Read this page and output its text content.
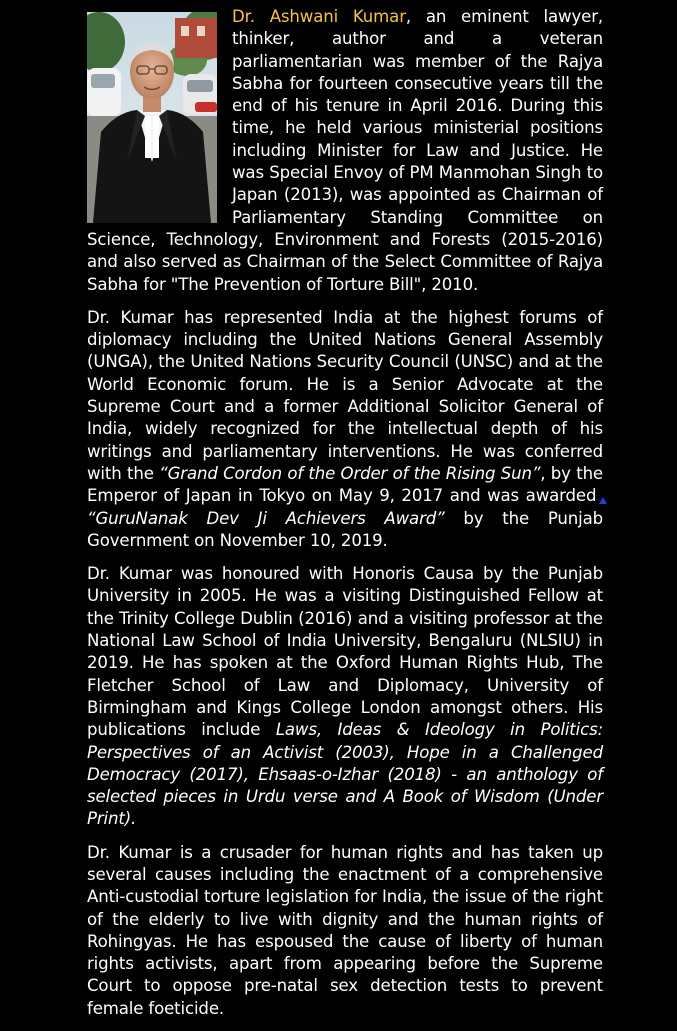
Dr. Ashwani Kumar, an eminent lawyer, thinker, author and a veteran parliamentarian was member of the Rajya Sabha for fourteen consecutive years till the end of his tenure in April 2016. During this time, he held various ministerial positions including Minister for Law and Justice. He was Special Envoy of PM Manmohan Singh to Japan (2013), was appointed as Chairman of Parliamentary Standing Committee on Science, Technology, Environment and Forests (2015-2016) and also served as Chairman of the Select Committee of Rajya Sabha for "The Prevention of Torture Bill", 2010.

Dr. Kumar has represented India at the highest forums of diplomacy including the United Nations General Assembly (UNGA), the United Nations Security Council (UNSC) and at the World Economic forum. He is a Senior Advocate at the Supreme Court and a former Additional Solicitor General of India, widely recognized for the intellectual depth of his writings and parliamentary interventions. He was conferred with the “Grand Cordon of the Order of the Rising Sun”, by the Emperor of Japan in Tokyo on May 9, 2017 and was awarded “GuruNanak Dev Ji Achievers Award” by the Punjab Government on November 10, 2019.

Dr. Kumar was honoured with Honoris Causa by the Punjab University in 2005. He was a visiting Distinguished Fellow at the Trinity College Dublin (2016) and a visiting professor at the National Law School of India University, Bengaluru (NLSIU) in 2019. He has spoken at the Oxford Human Rights Hub, The Fletcher School of Law and Diplomacy, University of Birmingham and Kings College London amongst others. His publications include Laws, Ideas & Ideology in Politics: Perspectives of an Activist (2003), Hope in a Challenged Democracy (2017), Ehsaas-o-Izhar (2018) - an anthology of selected pieces in Urdu verse and A Book of Wisdom (Under Print).

Dr. Kumar is a crusader for human rights and has taken up several causes including the enactment of a comprehensive Anti-custodial torture legislation for India, the issue of the right of the elderly to live with dignity and the human rights of Rohingyas. He has espoused the cause of liberty of human rights activists, apart from appearing before the Supreme Court to oppose pre-natal sex detection tests to prevent female foeticide.
